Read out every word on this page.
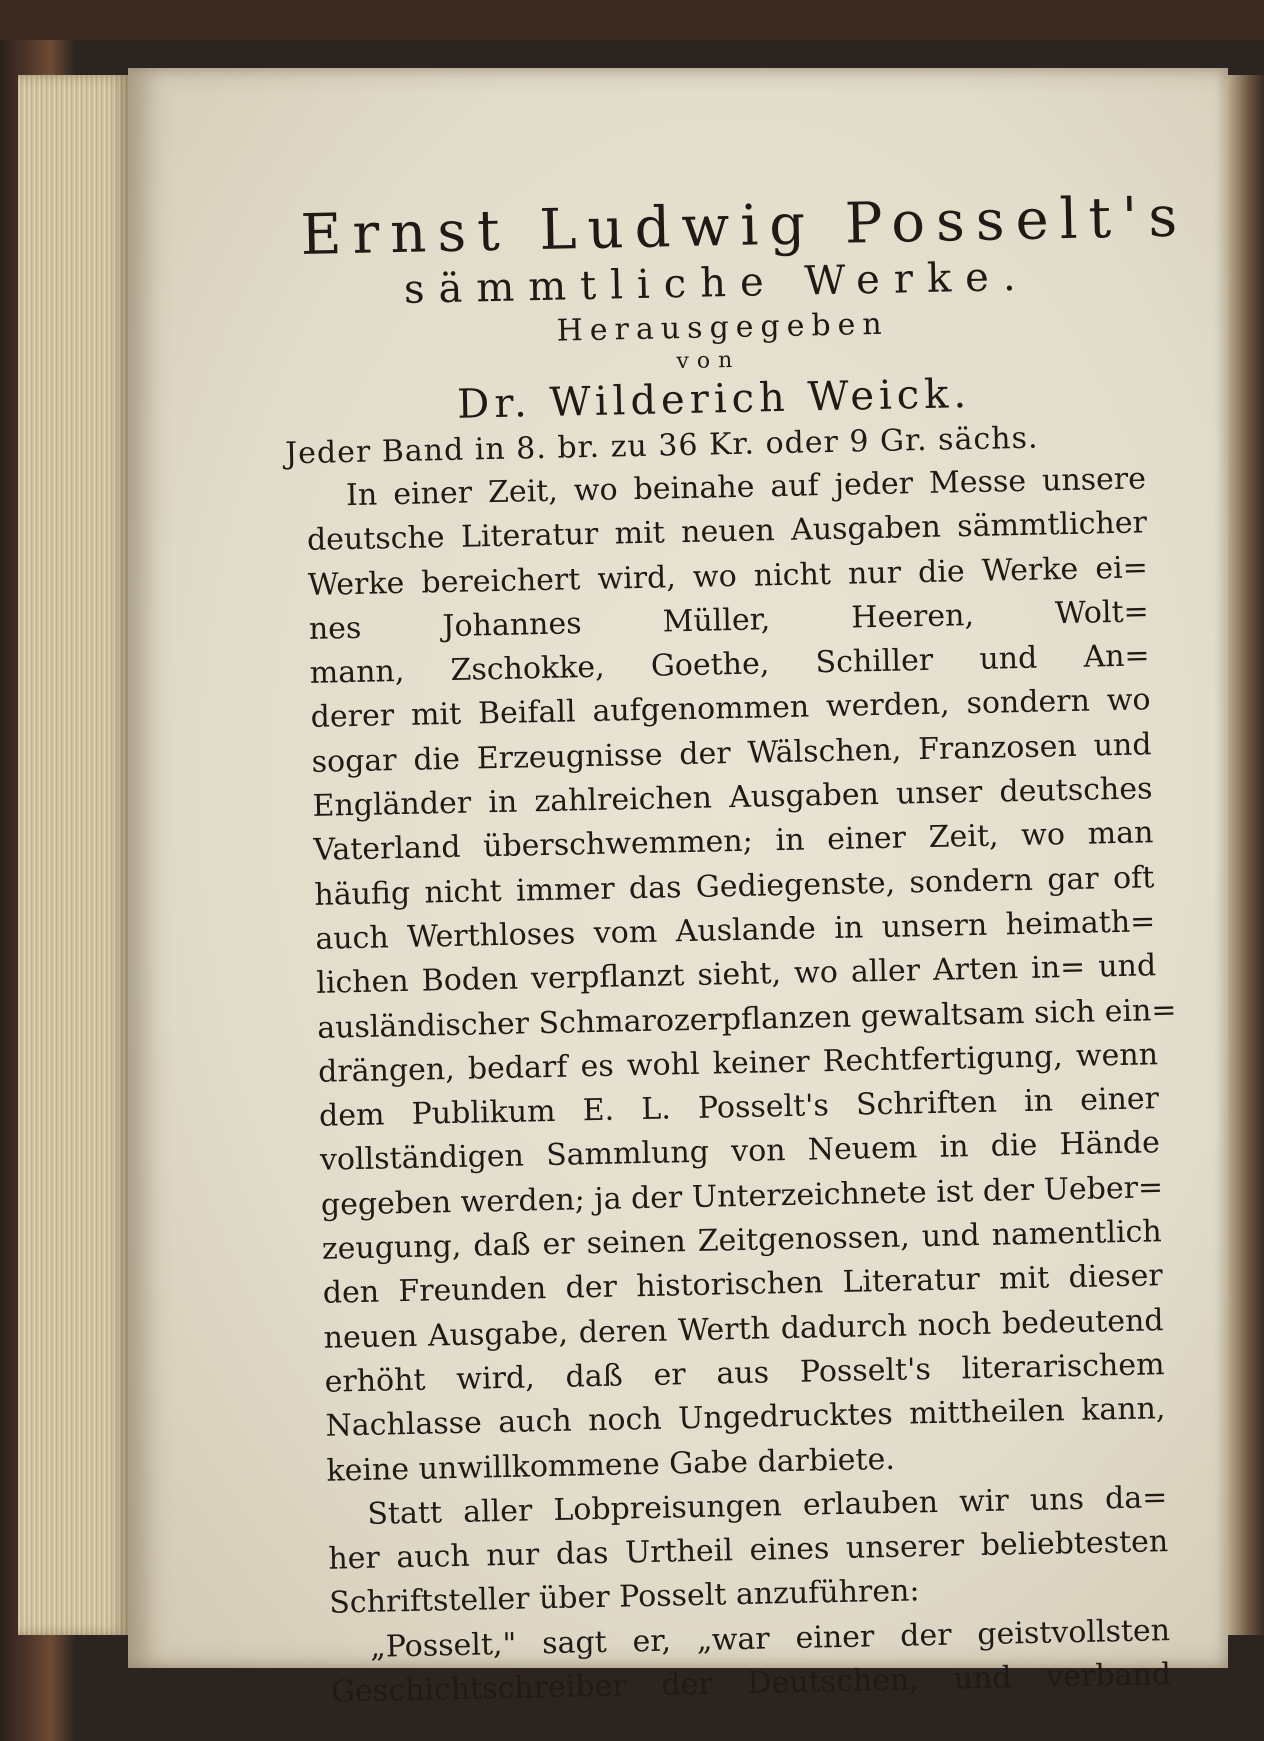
Ernst Ludwig Posselt's
sämmtliche Werke.
Herausgegeben
von
Dr. Wilderich Weick.
Jeder Band in 8. br. zu 36 Kr. oder 9 Gr. sächs.
In einer Zeit, wo beinahe auf jeder Messe unsere
deutsche Literatur mit neuen Ausgaben sämmtlicher
Werke bereichert wird, wo nicht nur die Werke ei=
nes Johannes Müller, Heeren, Wolt=
mann, Zschokke, Goethe, Schiller und An=
derer mit Beifall aufgenommen werden, sondern wo
sogar die Erzeugnisse der Wälschen, Franzosen und
Engländer in zahlreichen Ausgaben unser deutsches
Vaterland überschwemmen; in einer Zeit, wo man
häufig nicht immer das Gediegenste, sondern gar oft
auch Werthloses vom Auslande in unsern heimath=
lichen Boden verpflanzt sieht, wo aller Arten in= und
ausländischer Schmarozerpflanzen gewaltsam sich ein=
drängen, bedarf es wohl keiner Rechtfertigung, wenn
dem Publikum E. L. Posselt's Schriften in einer
vollständigen Sammlung von Neuem in die Hände
gegeben werden; ja der Unterzeichnete ist der Ueber=
zeugung, daß er seinen Zeitgenossen, und namentlich
den Freunden der historischen Literatur mit dieser
neuen Ausgabe, deren Werth dadurch noch bedeutend
erhöht wird, daß er aus Posselt's literarischem
Nachlasse auch noch Ungedrucktes mittheilen kann,
keine unwillkommene Gabe darbiete.
Statt aller Lobpreisungen erlauben wir uns da=
her auch nur das Urtheil eines unserer beliebtesten
Schriftsteller über Posselt anzuführen:
„Posselt," sagt er, „war einer der geistvollsten
Geschichtschreiber der Deutschen, und verband
